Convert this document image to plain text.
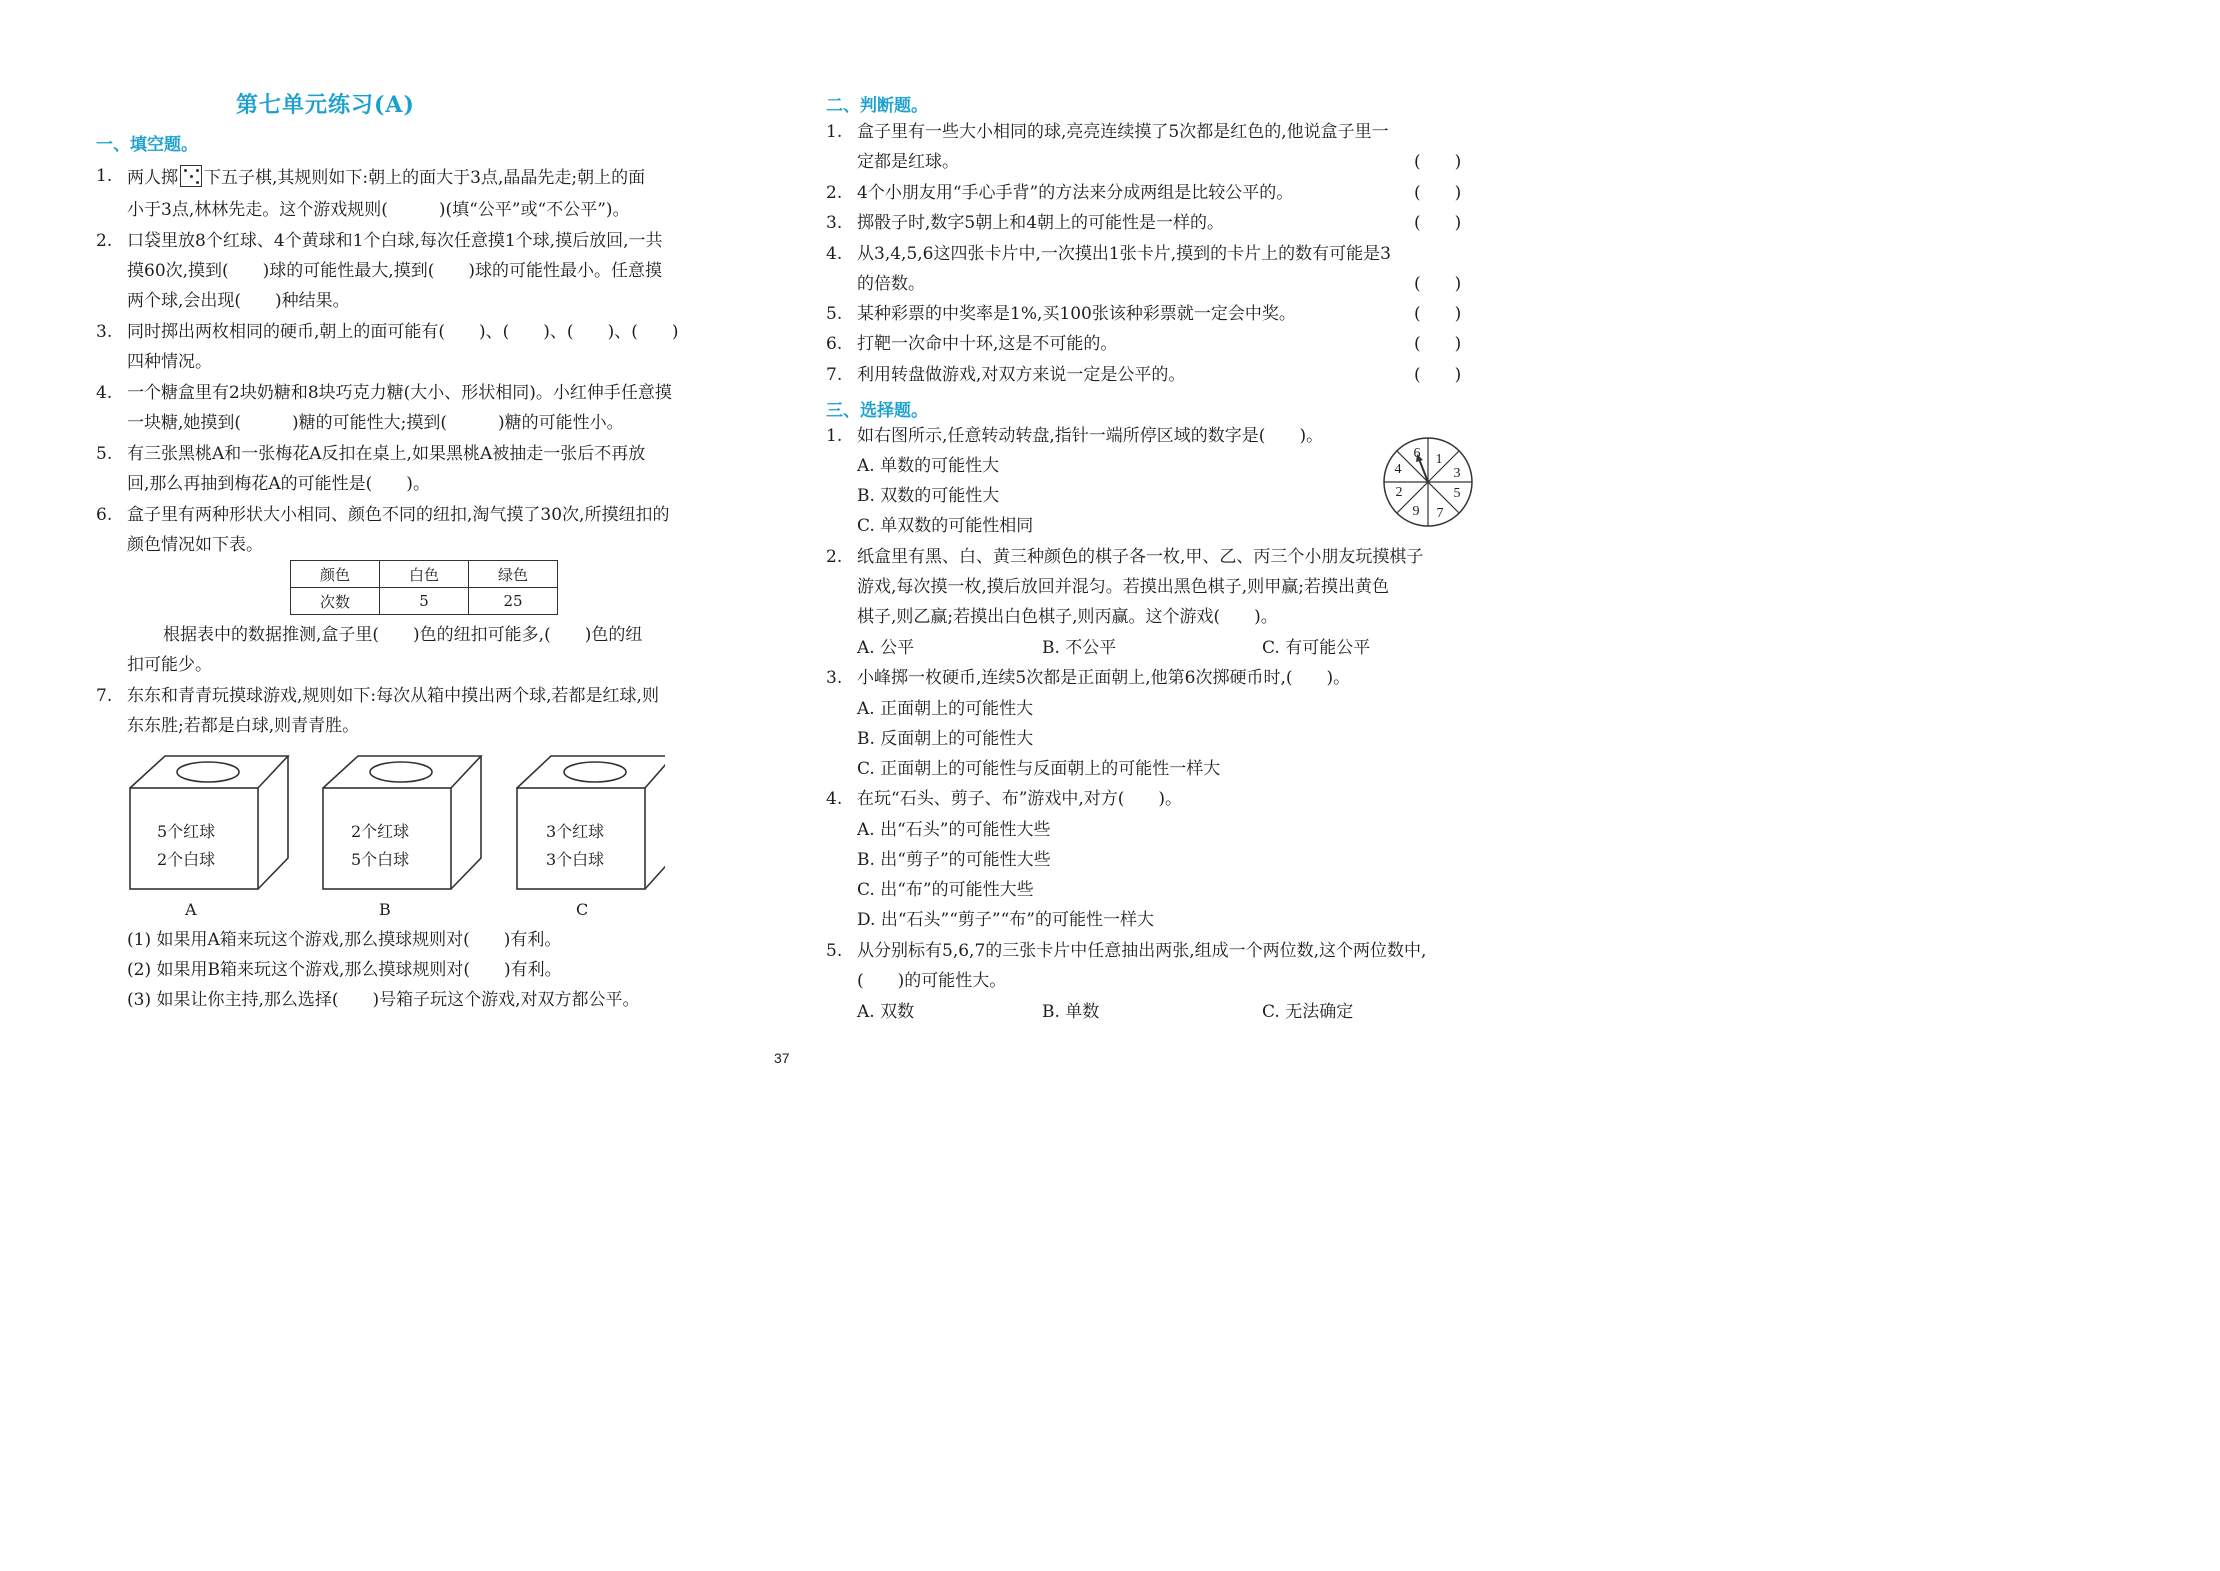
第七单元练习(A)
一、填空题。
1. 两人掷 下五子棋,其规则如下:朝上的面大于3点,晶晶先走;朝上的面
小于3点,林林先走。这个游戏规则(　　　)(填“公平”或“不公平”)。
2. 口袋里放8个红球、4个黄球和1个白球,每次任意摸1个球,摸后放回,一共
摸60次,摸到(　　)球的可能性最大,摸到(　　)球的可能性最小。任意摸
两个球,会出现(　　)种结果。
3. 同时掷出两枚相同的硬币,朝上的面可能有(　　)、(　　)、(　　)、(　　)
四种情况。
4. 一个糖盒里有2块奶糖和8块巧克力糖(大小、形状相同)。小红伸手任意摸
一块糖,她摸到(　　　)糖的可能性大;摸到(　　　)糖的可能性小。
5. 有三张黑桃A和一张梅花A反扣在桌上,如果黑桃A被抽走一张后不再放
回,那么再抽到梅花A的可能性是(　　)。
6. 盒子里有两种形状大小相同、颜色不同的纽扣,淘气摸了30次,所摸纽扣的
颜色情况如下表。
颜色	白色	绿色
次数	5	25
根据表中的数据推测,盒子里(　　)色的纽扣可能多,(　　)色的纽
扣可能少。
7. 东东和青青玩摸球游戏,规则如下:每次从箱中摸出两个球,若都是红球,则
东东胜;若都是白球,则青青胜。
5个红球
2个白球
2个红球
5个白球
3个红球
3个白球
A	B	C
(1) 如果用A箱来玩这个游戏,那么摸球规则对(　　)有利。
(2) 如果用B箱来玩这个游戏,那么摸球规则对(　　)有利。
(3) 如果让你主持,那么选择(　　)号箱子玩这个游戏,对双方都公平。
二、判断题。
1. 盒子里有一些大小相同的球,亮亮连续摸了5次都是红色的,他说盒子里一
定都是红球。	(　　)
2. 4个小朋友用“手心手背”的方法来分成两组是比较公平的。	(　　)
3. 掷骰子时,数字5朝上和4朝上的可能性是一样的。	(　　)
4. 从3,4,5,6这四张卡片中,一次摸出1张卡片,摸到的卡片上的数有可能是3
的倍数。	(　　)
5. 某种彩票的中奖率是1%,买100张该种彩票就一定会中奖。	(　　)
6. 打靶一次命中十环,这是不可能的。	(　　)
7. 利用转盘做游戏,对双方来说一定是公平的。	(　　)
三、选择题。
1. 如右图所示,任意转动转盘,指针一端所停区域的数字是(　　)。
A. 单数的可能性大
B. 双数的可能性大
C. 单双数的可能性相同
6 1
3
5
7
9
2
4
2. 纸盒里有黑、白、黄三种颜色的棋子各一枚,甲、乙、丙三个小朋友玩摸棋子
游戏,每次摸一枚,摸后放回并混匀。若摸出黑色棋子,则甲赢;若摸出黄色
棋子,则乙赢;若摸出白色棋子,则丙赢。这个游戏(　　)。
A. 公平	B. 不公平	C. 有可能公平
3. 小峰掷一枚硬币,连续5次都是正面朝上,他第6次掷硬币时,(　　)。
A. 正面朝上的可能性大
B. 反面朝上的可能性大
C. 正面朝上的可能性与反面朝上的可能性一样大
4. 在玩“石头、剪子、布”游戏中,对方(　　)。
A. 出“石头”的可能性大些
B. 出“剪子”的可能性大些
C. 出“布”的可能性大些
D. 出“石头”“剪子”“布”的可能性一样大
5. 从分别标有5,6,7的三张卡片中任意抽出两张,组成一个两位数,这个两位数中,
(　　)的可能性大。
A. 双数	B. 单数	C. 无法确定
37
